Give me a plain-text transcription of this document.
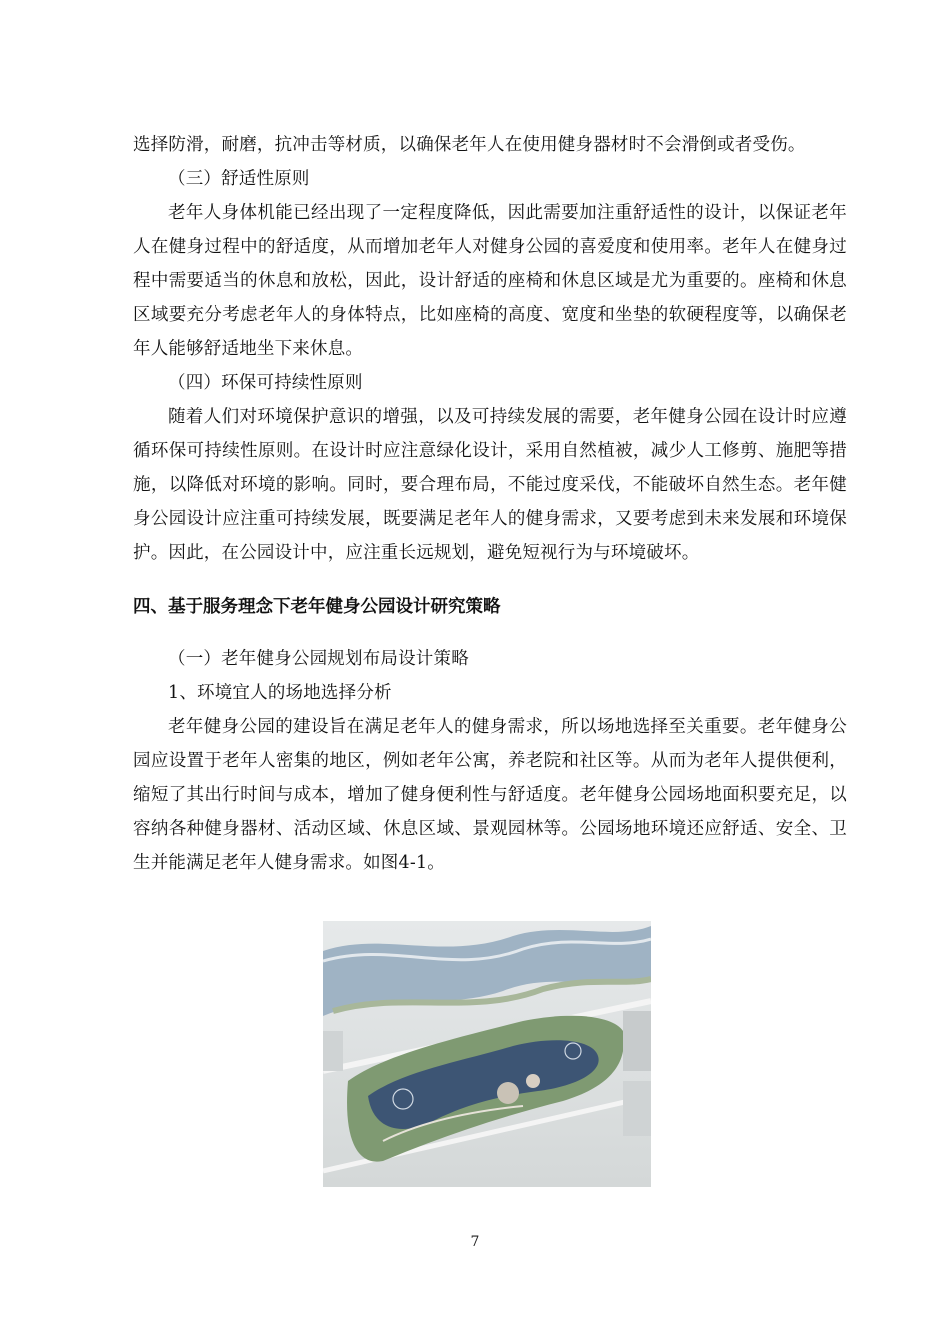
选择防滑，耐磨，抗冲击等材质，以确保老年人在使用健身器材时不会滑倒或者受伤。

（三）舒适性原则

老年人身体机能已经出现了一定程度降低，因此需要加注重舒适性的设计，以保证老年人在健身过程中的舒适度，从而增加老年人对健身公园的喜爱度和使用率。老年人在健身过程中需要适当的休息和放松，因此，设计舒适的座椅和休息区域是尤为重要的。座椅和休息区域要充分考虑老年人的身体特点，比如座椅的高度、宽度和坐垫的软硬程度等，以确保老年人能够舒适地坐下来休息。

（四）环保可持续性原则

随着人们对环境保护意识的增强，以及可持续发展的需要，老年健身公园在设计时应遵循环保可持续性原则。在设计时应注意绿化设计，采用自然植被，减少人工修剪、施肥等措施，以降低对环境的影响。同时，要合理布局，不能过度采伐，不能破坏自然生态。老年健身公园设计应注重可持续发展，既要满足老年人的健身需求，又要考虑到未来发展和环境保护。因此，在公园设计中，应注重长远规划，避免短视行为与环境破坏。

四、基于服务理念下老年健身公园设计研究策略

（一）老年健身公园规划布局设计策略

1、环境宜人的场地选择分析

老年健身公园的建设旨在满足老年人的健身需求，所以场地选择至关重要。老年健身公园应设置于老年人密集的地区，例如老年公寓，养老院和社区等。从而为老年人提供便利，缩短了其出行时间与成本，增加了健身便利性与舒适度。老年健身公园场地面积要充足，以容纳各种健身器材、活动区域、休息区域、景观园林等。公园场地环境还应舒适、安全、卫生并能满足老年人健身需求。如图4-1。

7
